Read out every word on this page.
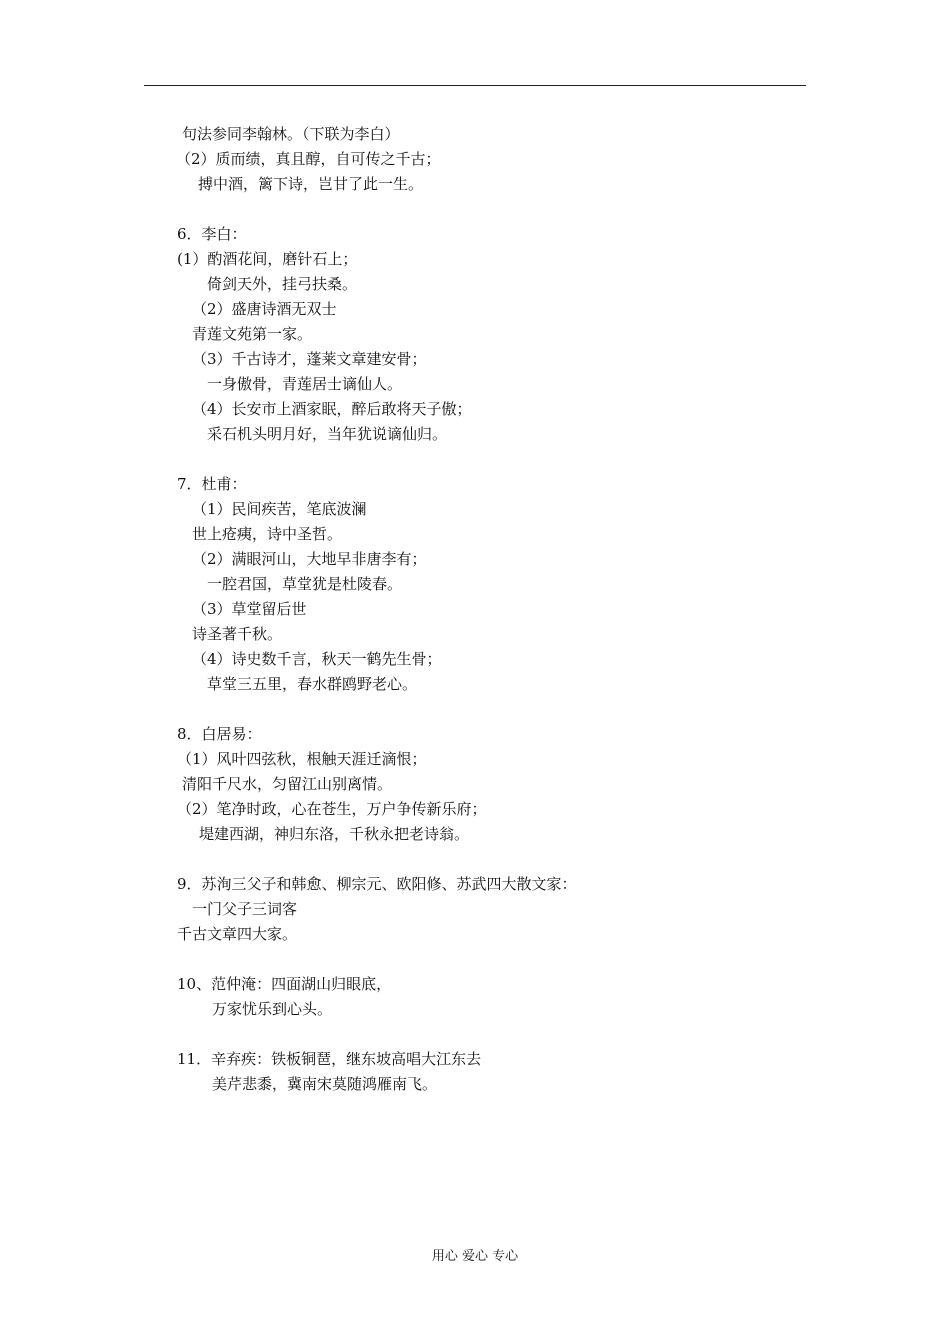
句法参同李翰林。（下联为李白）
（2）质而绩，真且醇，自可传之千古；
搏中酒，篱下诗，岂甘了此一生。
6．李白：
(1）酌酒花间，磨针石上；
倚剑天外，挂弓扶桑。
（2）盛唐诗酒无双士
青莲文苑第一家。
（3）千古诗才，蓬莱文章建安骨；
一身傲骨，青莲居士谪仙人。
（4）长安市上酒家眠，醉后敢将天子傲；
采石机头明月好，当年犹说谪仙归。
7．杜甫：
（1）民间疾苦，笔底波澜
世上疮痍，诗中圣哲。
（2）满眼河山，大地早非唐李有；
一腔君国，草堂犹是杜陵春。
（3）草堂留后世
诗圣著千秋。
（4）诗史数千言，秋天一鹤先生骨；
草堂三五里，春水群鸥野老心。
8．白居易：
（1）风叶四弦秋，根触天涯迁滴恨；
清阳千尺水，匀留江山别离情。
（2）笔净时政，心在苍生，万户争传新乐府；
堤建西湖，神归东洛，千秋永把老诗翁。
9．苏洵三父子和韩愈、柳宗元、欧阳修、苏武四大散文家：
一门父子三词客
千古文章四大家。
10、范仲淹：四面湖山归眼底，
万家忧乐到心头。
11．辛弃疾：铁板铜琶，继东坡高唱大江东去
美芹悲黍，冀南宋莫随鸿雁南飞。
用心 爱心 专心
